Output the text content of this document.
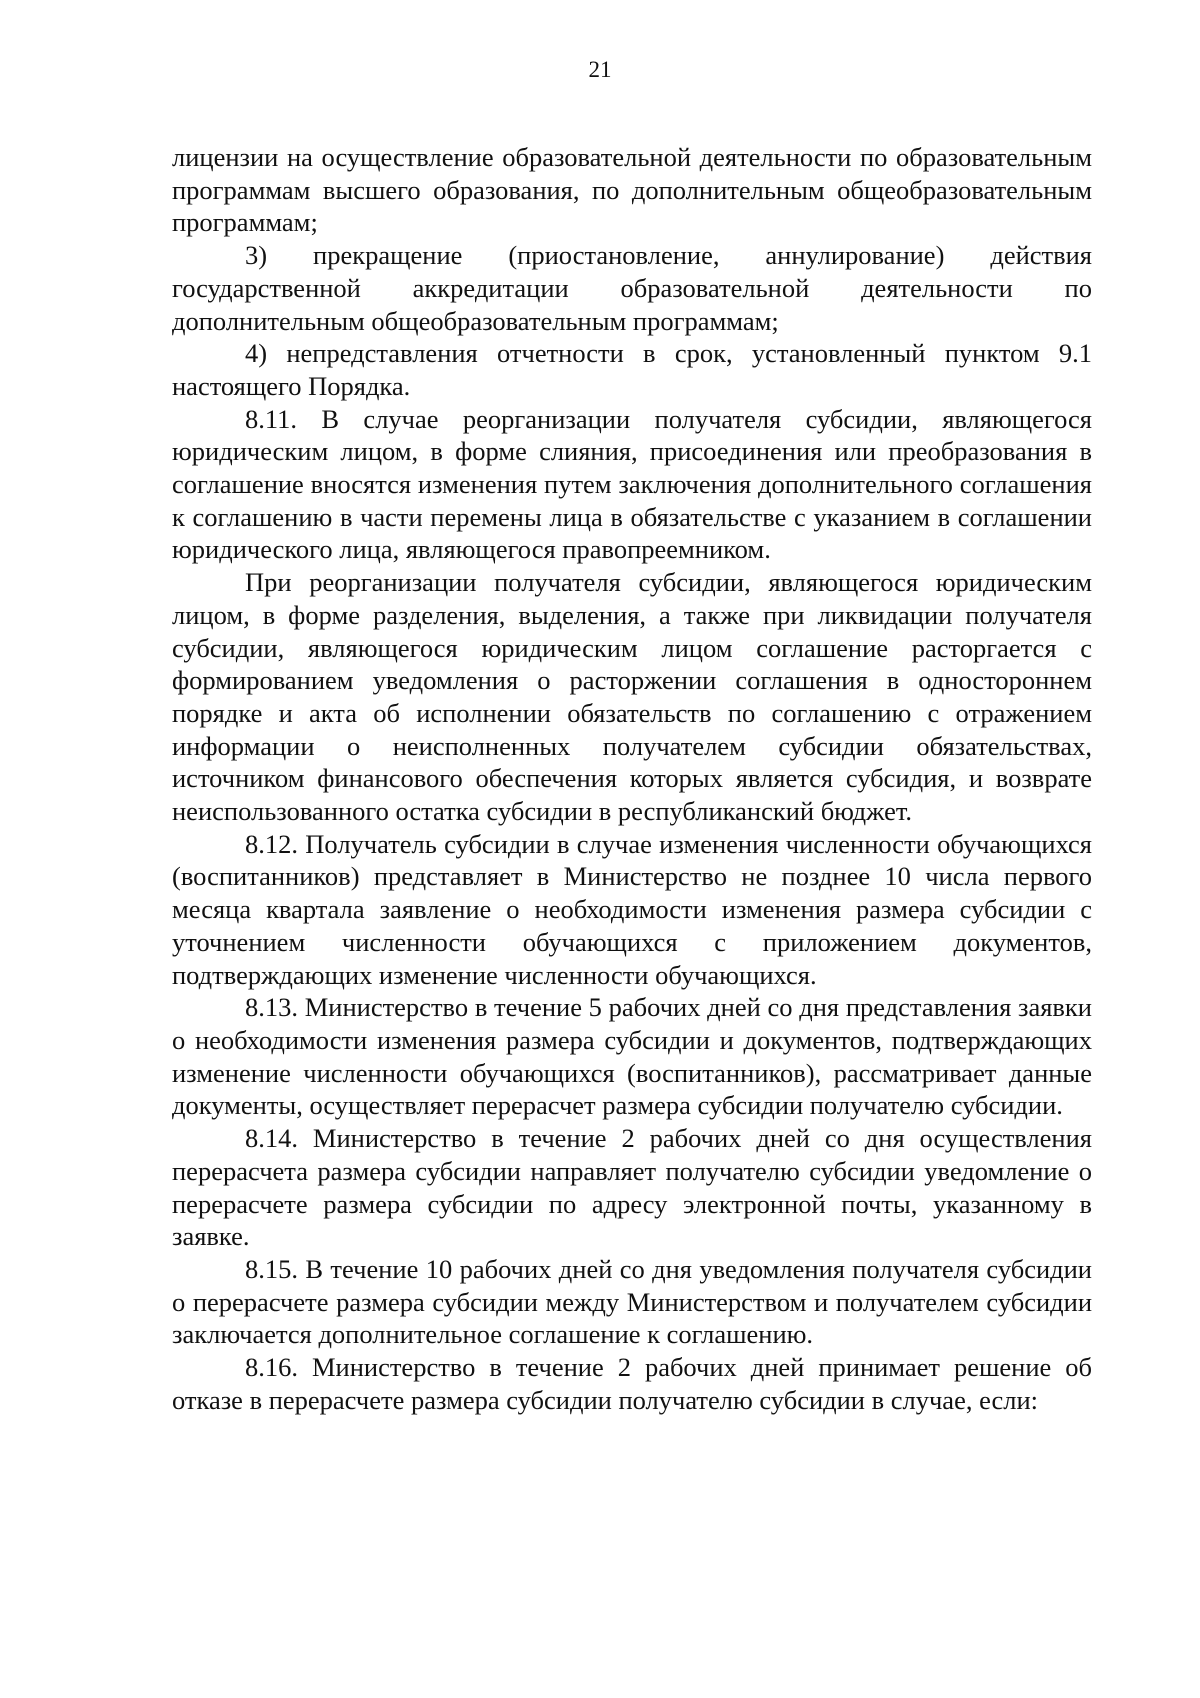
21

лицензии на осуществление образовательной деятельности по образовательным программам высшего образования, по дополнительным общеобразовательным программам;

3) прекращение (приостановление, аннулирование) действия государственной аккредитации образовательной деятельности по дополнительным общеобразовательным программам;

4) непредставления отчетности в срок, установленный пунктом 9.1 настоящего Порядка.

8.11. В случае реорганизации получателя субсидии, являющегося юридическим лицом, в форме слияния, присоединения или преобразования в соглашение вносятся изменения путем заключения дополнительного соглашения к соглашению в части перемены лица в обязательстве с указанием в соглашении юридического лица, являющегося правопреемником.

При реорганизации получателя субсидии, являющегося юридическим лицом, в форме разделения, выделения, а также при ликвидации получателя субсидии, являющегося юридическим лицом соглашение расторгается с формированием уведомления о расторжении соглашения в одностороннем порядке и акта об исполнении обязательств по соглашению с отражением информации о неисполненных получателем субсидии обязательствах, источником финансового обеспечения которых является субсидия, и возврате неиспользованного остатка субсидии в республиканский бюджет.

8.12. Получатель субсидии в случае изменения численности обучающихся (воспитанников) представляет в Министерство не позднее 10 числа первого месяца квартала заявление о необходимости изменения размера субсидии с уточнением численности обучающихся с приложением документов, подтверждающих изменение численности обучающихся.

8.13. Министерство в течение 5 рабочих дней со дня представления заявки о необходимости изменения размера субсидии и документов, подтверждающих изменение численности обучающихся (воспитанников), рассматривает данные документы, осуществляет перерасчет размера субсидии получателю субсидии.

8.14. Министерство в течение 2 рабочих дней со дня осуществления перерасчета размера субсидии направляет получателю субсидии уведомление о перерасчете размера субсидии по адресу электронной почты, указанному в заявке.

8.15. В течение 10 рабочих дней со дня уведомления получателя субсидии о перерасчете размера субсидии между Министерством и получателем субсидии заключается дополнительное соглашение к соглашению.

8.16. Министерство в течение 2 рабочих дней принимает решение об отказе в перерасчете размера субсидии получателю субсидии в случае, если:
